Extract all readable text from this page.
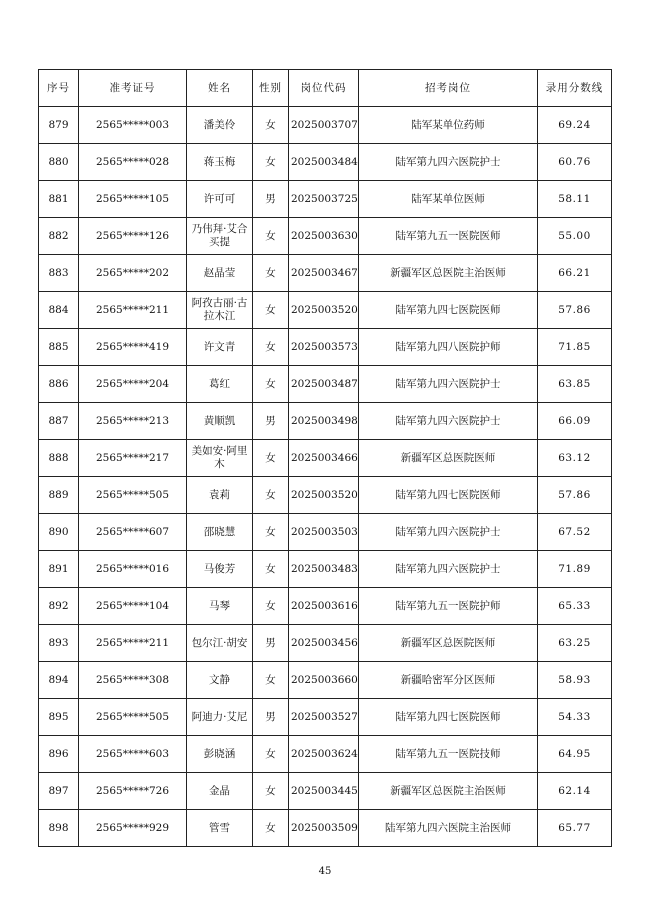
序号	准考证号	姓名	性别	岗位代码	招考岗位	录用分数线
879	2565*****003	潘美伶	女	2025003707	陆军某单位药师	69.24
880	2565*****028	蒋玉梅	女	2025003484	陆军第九四六医院护士	60.76
881	2565*****105	许可可	男	2025003725	陆军某单位医师	58.11
882	2565*****126	乃伟拜·艾合买提	女	2025003630	陆军第九五一医院医师	55.00
883	2565*****202	赵晶莹	女	2025003467	新疆军区总医院主治医师	66.21
884	2565*****211	阿孜古丽·古拉木江	女	2025003520	陆军第九四七医院医师	57.86
885	2565*****419	许文青	女	2025003573	陆军第九四八医院护师	71.85
886	2565*****204	葛红	女	2025003487	陆军第九四六医院护士	63.85
887	2565*****213	黄顺凯	男	2025003498	陆军第九四六医院护士	66.09
888	2565*****217	美如安·阿里木	女	2025003466	新疆军区总医院医师	63.12
889	2565*****505	袁莉	女	2025003520	陆军第九四七医院医师	57.86
890	2565*****607	邵晓慧	女	2025003503	陆军第九四六医院护士	67.52
891	2565*****016	马俊芳	女	2025003483	陆军第九四六医院护士	71.89
892	2565*****104	马琴	女	2025003616	陆军第九五一医院护师	65.33
893	2565*****211	包尔江·胡安	男	2025003456	新疆军区总医院医师	63.25
894	2565*****308	文静	女	2025003660	新疆哈密军分区医师	58.93
895	2565*****505	阿迪力·艾尼	男	2025003527	陆军第九四七医院医师	54.33
896	2565*****603	彭晓涵	女	2025003624	陆军第九五一医院技师	64.95
897	2565*****726	金晶	女	2025003445	新疆军区总医院主治医师	62.14
898	2565*****929	管雪	女	2025003509	陆军第九四六医院主治医师	65.77
45
